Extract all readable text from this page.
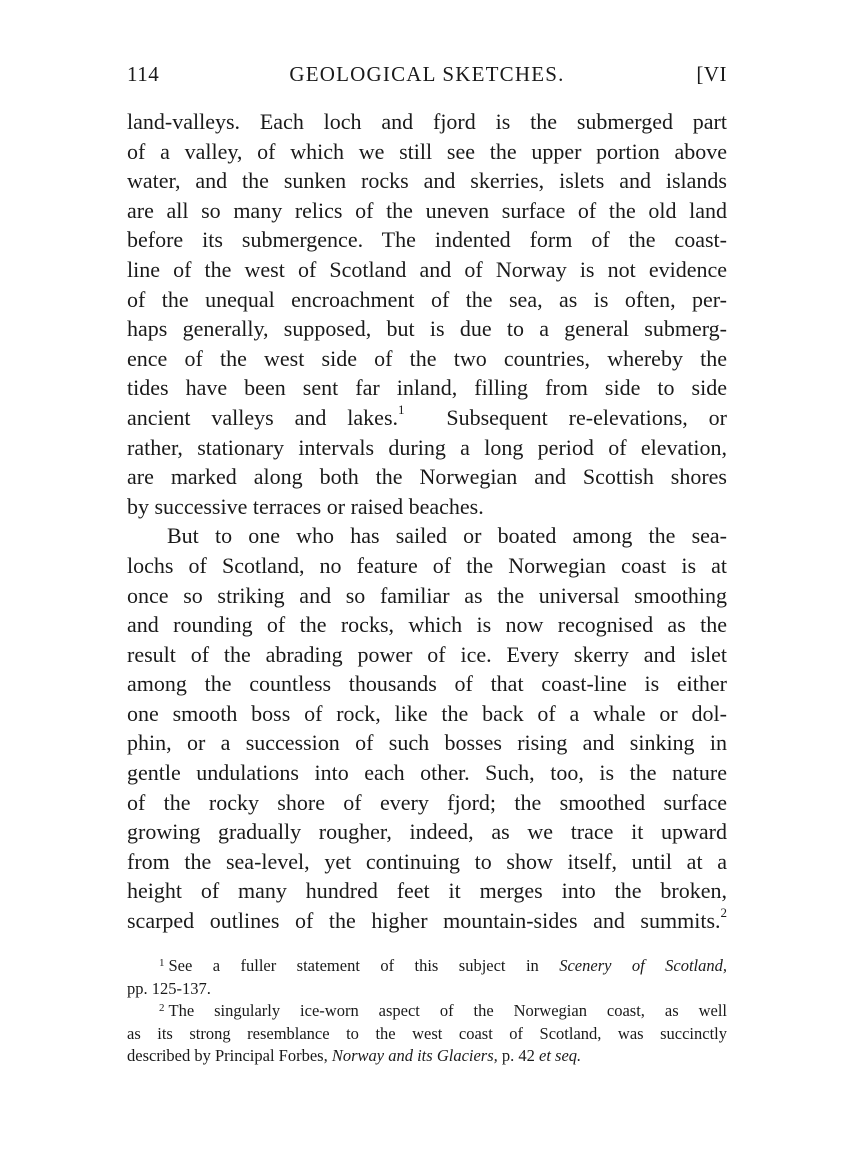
114	GEOLOGICAL SKETCHES.	[VI
land-valleys. Each loch and fjord is the submerged part
of a valley, of which we still see the upper portion above
water, and the sunken rocks and skerries, islets and islands
are all so many relics of the uneven surface of the old land
before its submergence. The indented form of the coast-
line of the west of Scotland and of Norway is not evidence
of the unequal encroachment of the sea, as is often, per-
haps generally, supposed, but is due to a general submerg-
ence of the west side of the two countries, whereby the
tides have been sent far inland, filling from side to side
ancient valleys and lakes.$^1$ Subsequent re-elevations, or
rather, stationary intervals during a long period of elevation,
are marked along both the Norwegian and Scottish shores
by successive terraces or raised beaches.
But to one who has sailed or boated among the sea-
lochs of Scotland, no feature of the Norwegian coast is at
once so striking and so familiar as the universal smoothing
and rounding of the rocks, which is now recognised as the
result of the abrading power of ice. Every skerry and islet
among the countless thousands of that coast-line is either
one smooth boss of rock, like the back of a whale or dol-
phin, or a succession of such bosses rising and sinking in
gentle undulations into each other. Such, too, is the nature
of the rocky shore of every fjord; the smoothed surface
growing gradually rougher, indeed, as we trace it upward
from the sea-level, yet continuing to show itself, until at a
height of many hundred feet it merges into the broken,
scarped outlines of the higher mountain-sides and summits.$^2$
$^1$ See a fuller statement of this subject in Scenery of Scotland,
pp. 125-137.
$^2$ The singularly ice-worn aspect of the Norwegian coast, as well
as its strong resemblance to the west coast of Scotland, was succinctly
described by Principal Forbes, Norway and its Glaciers, p. 42 et seq.
